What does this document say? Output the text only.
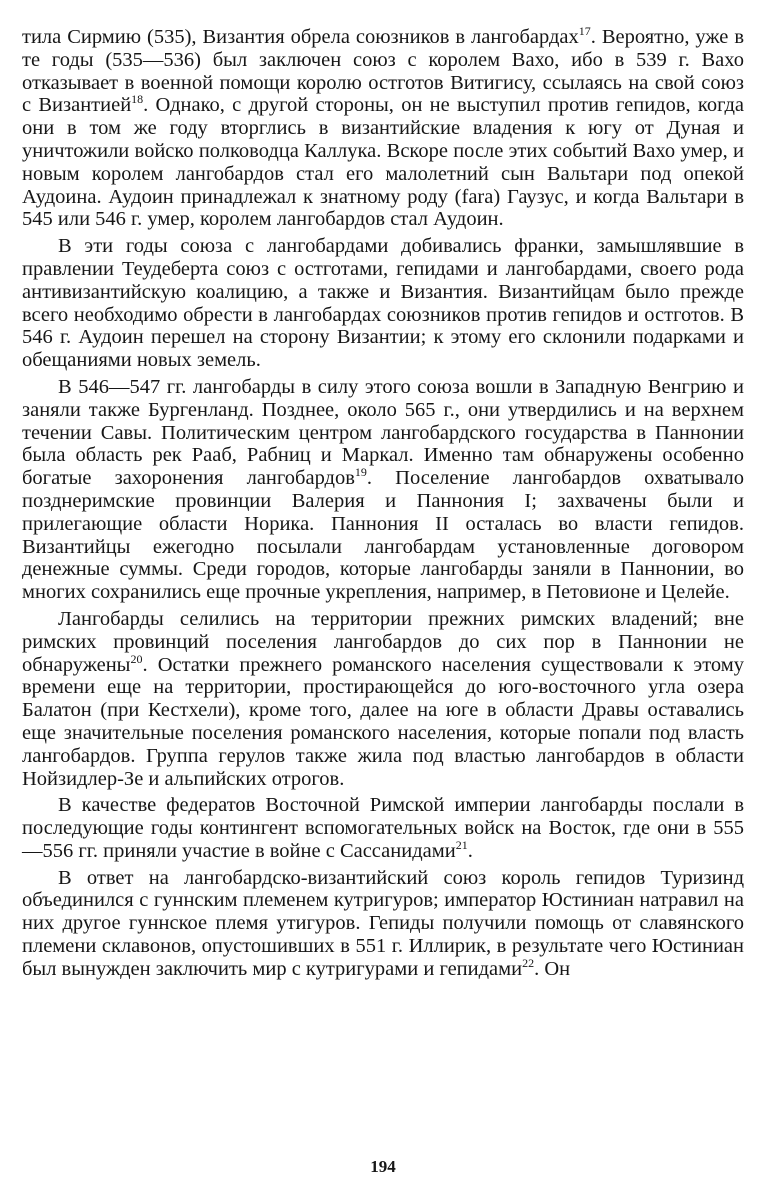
тила Сирмию (535), Византия обрела союзников в лангобардах$^{17}$. Вероятно, уже в те годы (535—536) был заключен союз с королем Вахо, ибо в 539 г. Вахо отказывает в военной помощи королю остготов Витигису, ссылаясь на свой союз с Византией$^{18}$. Однако, с другой стороны, он не выступил против гепидов, когда они в том же году вторглись в византийские владения к югу от Дуная и уничтожили войско полководца Каллука. Вскоре после этих событий Вахо умер, и новым королем лангобардов стал его малолетний сын Вальтари под опекой Аудоина. Аудоин принадлежал к знатному роду (fara) Гаузус, и когда Вальтари в 545 или 546 г. умер, королем лангобардов стал Аудоин.

В эти годы союза с лангобардами добивались франки, замышлявшие в правлении Теудеберта союз с остготами, гепидами и лангобардами, своего рода антивизантийскую коалицию, а также и Византия. Византийцам было прежде всего необходимо обрести в лангобардах союзников против гепидов и остготов. В 546 г. Аудоин перешел на сторону Византии; к этому его склонили подарками и обещаниями новых земель.

В 546—547 гг. лангобарды в силу этого союза вошли в Западную Венгрию и заняли также Бургенланд. Позднее, около 565 г., они утвердились и на верхнем течении Савы. Политическим центром лангобардского государства в Паннонии была область рек Рааб, Рабниц и Маркал. Именно там обнаружены особенно богатые захоронения лангобардов$^{19}$. Поселение лангобардов охватывало позднеримские провинции Валерия и Паннония I; захвачены были и прилегающие области Норика. Паннония II осталась во власти гепидов. Византийцы ежегодно посылали лангобардам установленные договором денежные суммы. Среди городов, которые лангобарды заняли в Паннонии, во многих сохранились еще прочные укрепления, например, в Петовионе и Целейе.

Лангобарды селились на территории прежних римских владений; вне римских провинций поселения лангобардов до сих пор в Паннонии не обнаружены$^{20}$. Остатки прежнего романского населения существовали к этому времени еще на территории, простирающейся до юго-восточного угла озера Балатон (при Кестхели), кроме того, далее на юге в области Дравы оставались еще значительные поселения романского населения, которые попали под власть лангобардов. Группа герулов также жила под властью лангобардов в области Нойзидлер-Зе и альпийских отрогов.

В качестве федератов Восточной Римской империи лангобарды послали в последующие годы контингент вспомогательных войск на Восток, где они в 555—556 гг. приняли участие в войне с Сассанидами$^{21}$.

В ответ на лангобардско-византийский союз король гепидов Туризинд объединился с гуннским племенем кутригуров; император Юстиниан натравил на них другое гуннское племя утигуров. Гепиды получили помощь от славянского племени склавонов, опустошивших в 551 г. Иллирик, в результате чего Юстиниан был вынужден заключить мир с кутригурами и гепидами$^{22}$. Он

194
